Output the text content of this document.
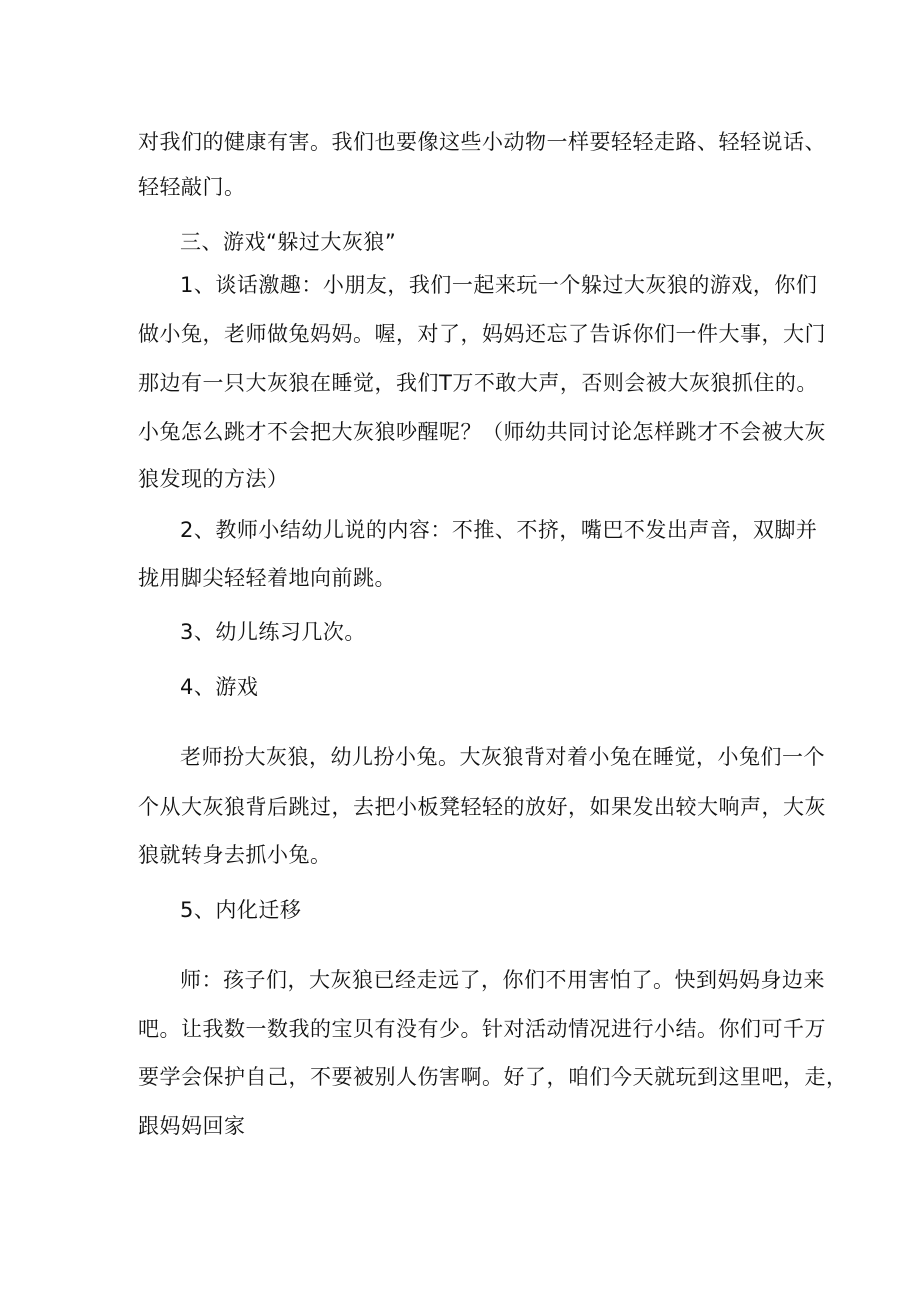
对我们的健康有害。我们也要像这些小动物一样要轻轻走路、轻轻说话、
轻轻敲门。
三、游戏“躲过大灰狼”
1、谈话激趣：小朋友，我们一起来玩一个躲过大灰狼的游戏，你们
做小兔，老师做兔妈妈。喔，对了，妈妈还忘了告诉你们一件大事，大门
那边有一只大灰狼在睡觉，我们T万不敢大声，否则会被大灰狼抓住的。
小兔怎么跳才不会把大灰狼吵醒呢？（师幼共同讨论怎样跳才不会被大灰
狼发现的方法）
2、教师小结幼儿说的内容：不推、不挤，嘴巴不发出声音，双脚并
拢用脚尖轻轻着地向前跳。
3、幼儿练习几次。
4、游戏
老师扮大灰狼，幼儿扮小兔。大灰狼背对着小兔在睡觉，小兔们一个
个从大灰狼背后跳过，去把小板凳轻轻的放好，如果发出较大响声，大灰
狼就转身去抓小兔。
5、内化迁移
师：孩子们，大灰狼已经走远了，你们不用害怕了。快到妈妈身边来
吧。让我数一数我的宝贝有没有少。针对活动情况进行小结。你们可千万
要学会保护自己，不要被别人伤害啊。好了，咱们今天就玩到这里吧，走，
跟妈妈回家
